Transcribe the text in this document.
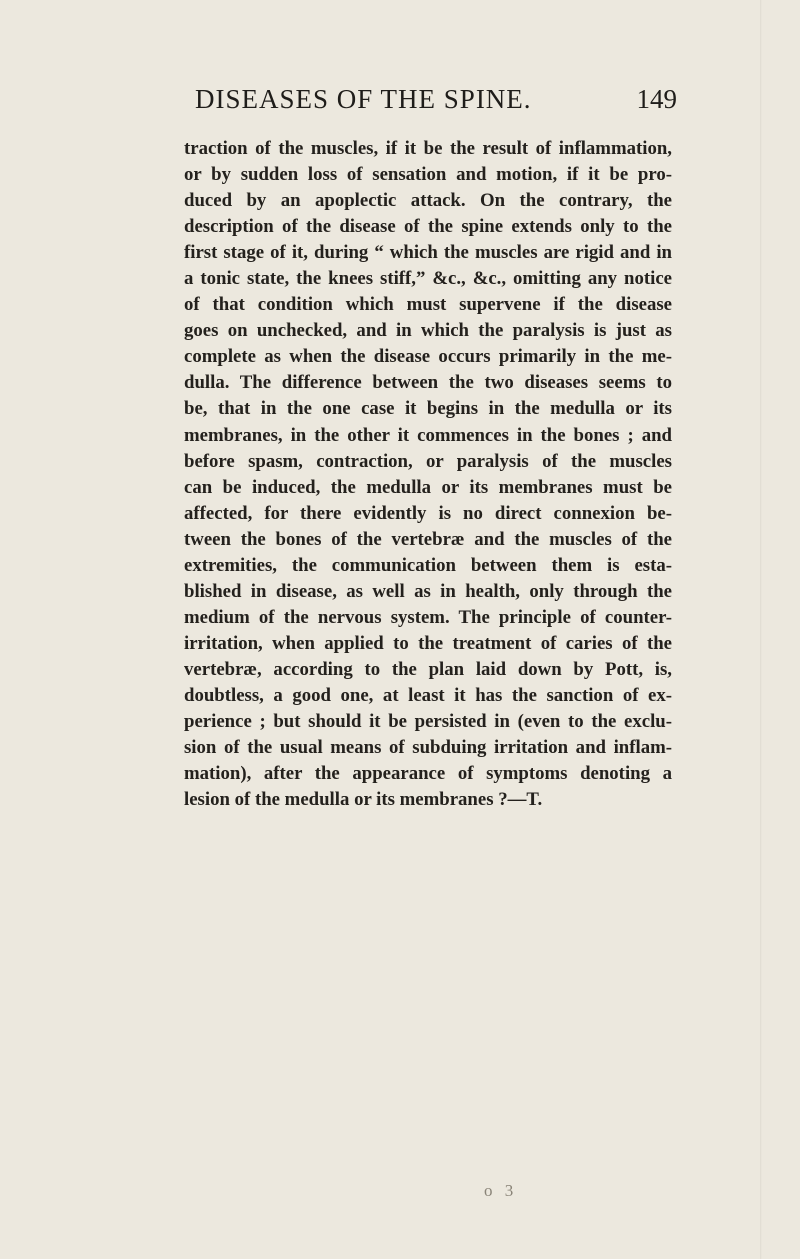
DISEASES OF THE SPINE.	149
traction of the muscles, if it be the result of inflammation,
or by sudden loss of sensation and motion, if it be pro-
duced by an apoplectic attack. On the contrary, the
description of the disease of the spine extends only to the
first stage of it, during “ which the muscles are rigid and in
a tonic state, the knees stiff,” &c., &c., omitting any notice
of that condition which must supervene if the disease
goes on unchecked, and in which the paralysis is just as
complete as when the disease occurs primarily in the me-
dulla. The difference between the two diseases seems to
be, that in the one case it begins in the medulla or its
membranes, in the other it commences in the bones ; and
before spasm, contraction, or paralysis of the muscles
can be induced, the medulla or its membranes must be
affected, for there evidently is no direct connexion be-
tween the bones of the vertebræ and the muscles of the
extremities, the communication between them is esta-
blished in disease, as well as in health, only through the
medium of the nervous system. The principle of counter-
irritation, when applied to the treatment of caries of the
vertebræ, according to the plan laid down by Pott, is,
doubtless, a good one, at least it has the sanction of ex-
perience ; but should it be persisted in (even to the exclu-
sion of the usual means of subduing irritation and inflam-
mation), after the appearance of symptoms denoting a
lesion of the medulla or its membranes ?—T.
o 3
